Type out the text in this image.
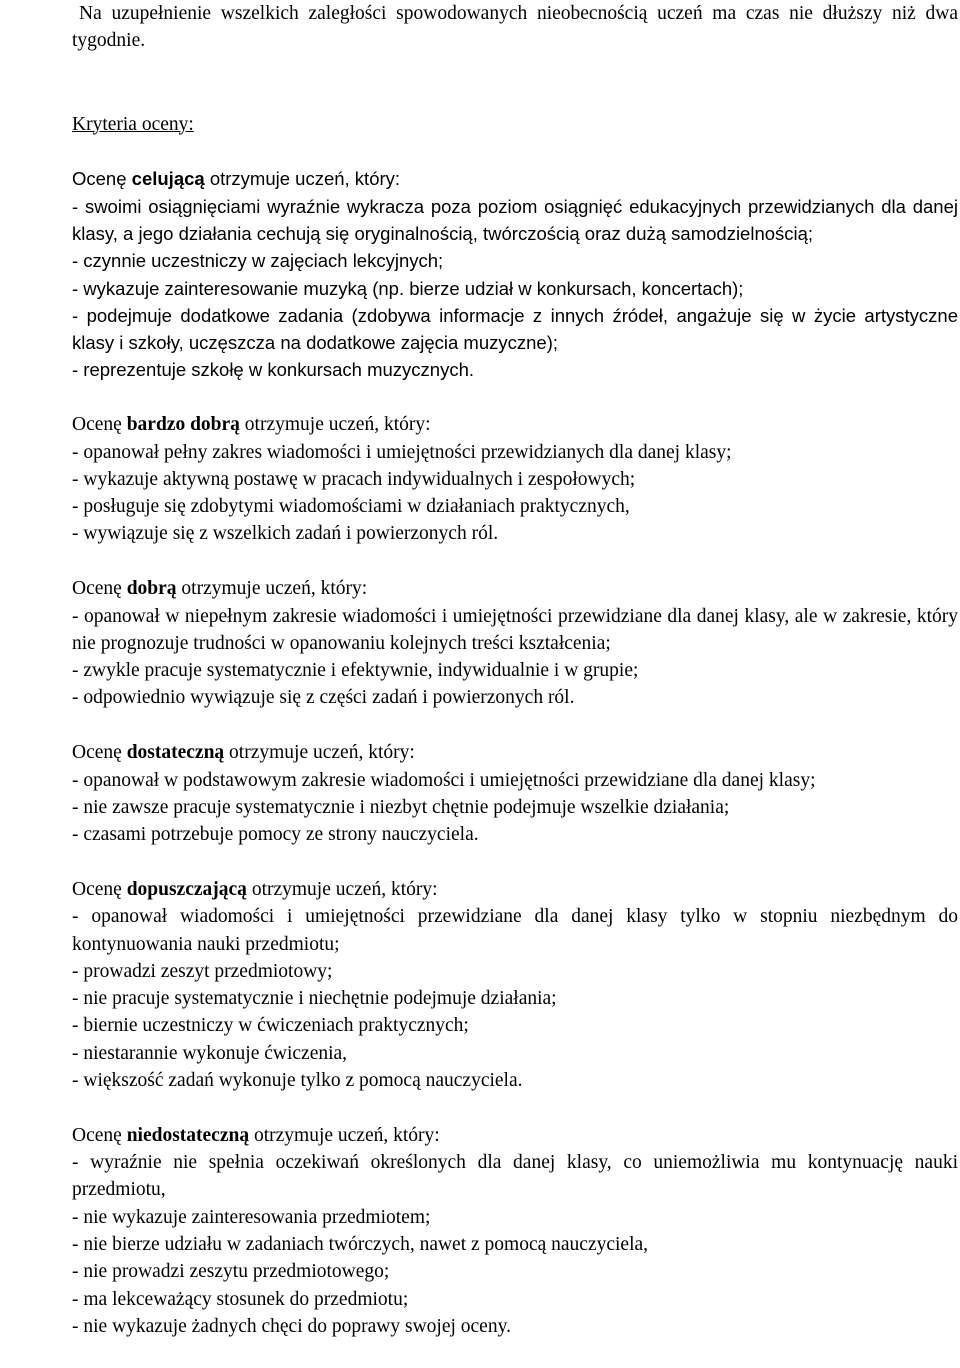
Na uzupełnienie wszelkich zaległości spowodowanych nieobecnością uczeń ma czas nie dłuższy niż dwa tygodnie.

Kryteria oceny:

Ocenę celującą otrzymuje uczeń, który:

- swoimi osiągnięciami wyraźnie wykracza poza poziom osiągnięć edukacyjnych przewidzianych dla danej klasy, a jego działania cechują się oryginalnością, twórczością oraz dużą samodzielnością;

- czynnie uczestniczy w zajęciach lekcyjnych;

- wykazuje zainteresowanie muzyką (np. bierze udział w konkursach, koncertach);

- podejmuje dodatkowe zadania (zdobywa informacje z innych źródeł, angażuje się w życie artystyczne klasy i szkoły, uczęszcza na dodatkowe zajęcia muzyczne);

- reprezentuje szkołę w konkursach muzycznych.

Ocenę bardzo dobrą otrzymuje uczeń, który:

- opanował pełny zakres wiadomości i umiejętności przewidzianych dla danej klasy;

- wykazuje aktywną postawę w pracach indywidualnych i zespołowych;

- posługuje się zdobytymi wiadomościami w działaniach praktycznych,

- wywiązuje się z wszelkich zadań i powierzonych ról.

Ocenę dobrą otrzymuje uczeń, który:

- opanował w niepełnym zakresie wiadomości i umiejętności przewidziane dla danej klasy, ale w zakresie, który nie prognozuje trudności w opanowaniu kolejnych treści kształcenia;

- zwykle pracuje systematycznie i efektywnie, indywidualnie i w grupie;

- odpowiednio wywiązuje się z części zadań i powierzonych ról.

Ocenę dostateczną otrzymuje uczeń, który:

- opanował w podstawowym zakresie wiadomości i umiejętności przewidziane dla danej klasy;

- nie zawsze pracuje systematycznie i niezbyt chętnie podejmuje wszelkie działania;

- czasami potrzebuje pomocy ze strony nauczyciela.

Ocenę dopuszczającą otrzymuje uczeń, który:

- opanował wiadomości i umiejętności przewidziane dla danej klasy tylko w stopniu niezbędnym do kontynuowania nauki przedmiotu;

- prowadzi zeszyt przedmiotowy;

- nie pracuje systematycznie i niechętnie podejmuje działania;

- biernie uczestniczy w ćwiczeniach praktycznych;

- niestarannie wykonuje ćwiczenia,

- większość zadań wykonuje tylko z pomocą nauczyciela.

Ocenę niedostateczną otrzymuje uczeń, który:

- wyraźnie nie spełnia oczekiwań określonych dla danej klasy, co uniemożliwia mu kontynuację nauki przedmiotu,

- nie wykazuje zainteresowania przedmiotem;

- nie bierze udziału w zadaniach twórczych, nawet z pomocą nauczyciela,

- nie prowadzi zeszytu przedmiotowego;

- ma lekceważący stosunek do przedmiotu;

- nie wykazuje żadnych chęci do poprawy swojej oceny.
